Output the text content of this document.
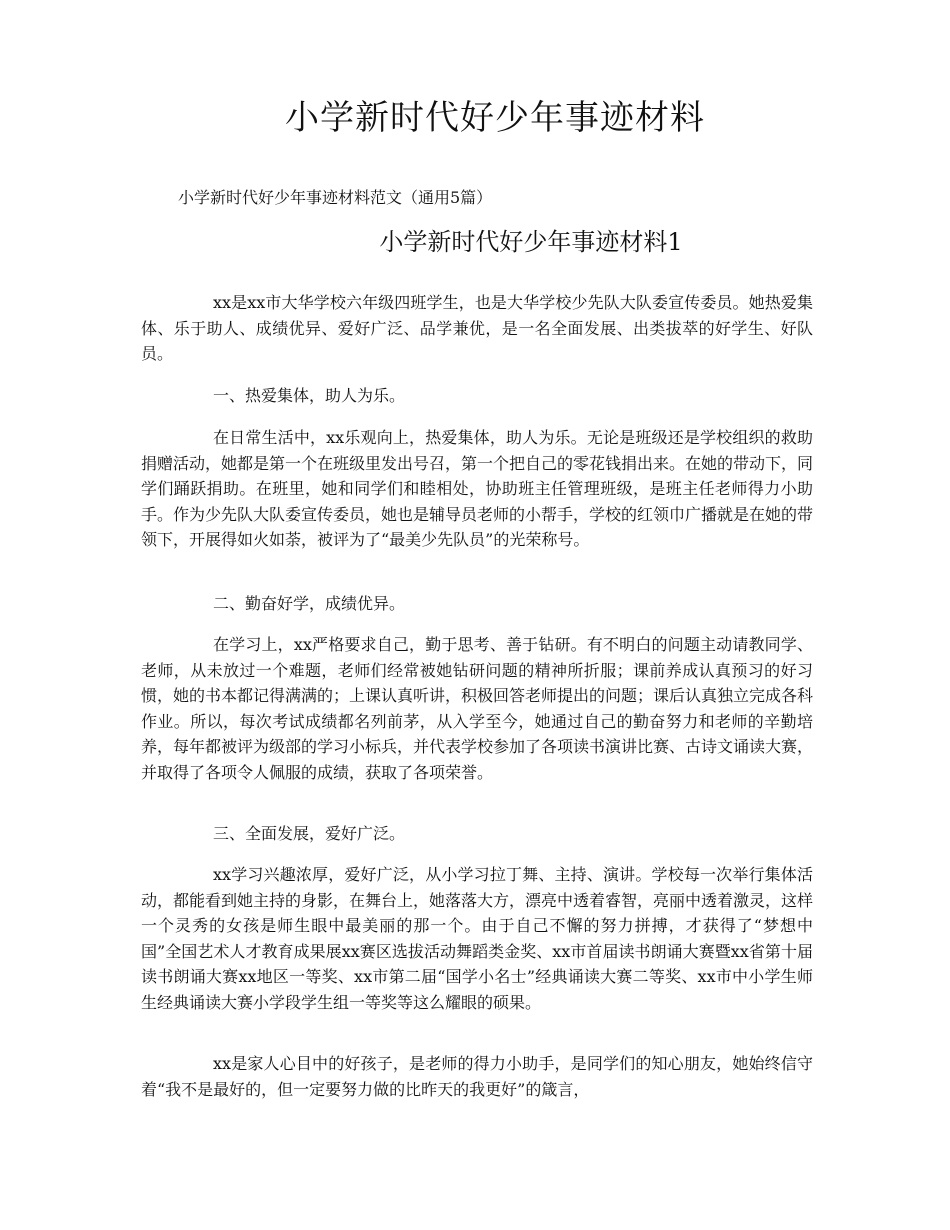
小学新时代好少年事迹材料

小学新时代好少年事迹材料范文（通用5篇）

小学新时代好少年事迹材料1

xx是xx市大华学校六年级四班学生，也是大华学校少先队大队委宣传委员。她热爱集体、乐于助人、成绩优异、爱好广泛、品学兼优，是一名全面发展、出类拔萃的好学生、好队员。

一、热爱集体，助人为乐。

在日常生活中，xx乐观向上，热爱集体，助人为乐。无论是班级还是学校组织的救助捐赠活动，她都是第一个在班级里发出号召，第一个把自己的零花钱捐出来。在她的带动下，同学们踊跃捐助。在班里，她和同学们和睦相处，协助班主任管理班级，是班主任老师得力小助手。作为少先队大队委宣传委员，她也是辅导员老师的小帮手，学校的红领巾广播就是在她的带领下，开展得如火如荼，被评为了“最美少先队员”的光荣称号。

二、勤奋好学，成绩优异。

在学习上，xx严格要求自己，勤于思考、善于钻研。有不明白的问题主动请教同学、老师，从未放过一个难题，老师们经常被她钻研问题的精神所折服；课前养成认真预习的好习惯，她的书本都记得满满的；上课认真听讲，积极回答老师提出的问题；课后认真独立完成各科作业。所以，每次考试成绩都名列前茅，从入学至今，她通过自己的勤奋努力和老师的辛勤培养，每年都被评为级部的学习小标兵，并代表学校参加了各项读书演讲比赛、古诗文诵读大赛，并取得了各项令人佩服的成绩，获取了各项荣誉。

三、全面发展，爱好广泛。

xx学习兴趣浓厚，爱好广泛，从小学习拉丁舞、主持、演讲。学校每一次举行集体活动，都能看到她主持的身影，在舞台上，她落落大方，漂亮中透着睿智，亮丽中透着激灵，这样一个灵秀的女孩是师生眼中最美丽的那一个。由于自己不懈的努力拼搏，才获得了“梦想中国”全国艺术人才教育成果展xx赛区选拔活动舞蹈类金奖、xx市首届读书朗诵大赛暨xx省第十届读书朗诵大赛xx地区一等奖、xx市第二届“国学小名士”经典诵读大赛二等奖、xx市中小学生师生经典诵读大赛小学段学生组一等奖等这么耀眼的硕果。

xx是家人心目中的好孩子，是老师的得力小助手，是同学们的知心朋友，她始终信守着“我不是最好的，但一定要努力做的比昨天的我更好”的箴言，
